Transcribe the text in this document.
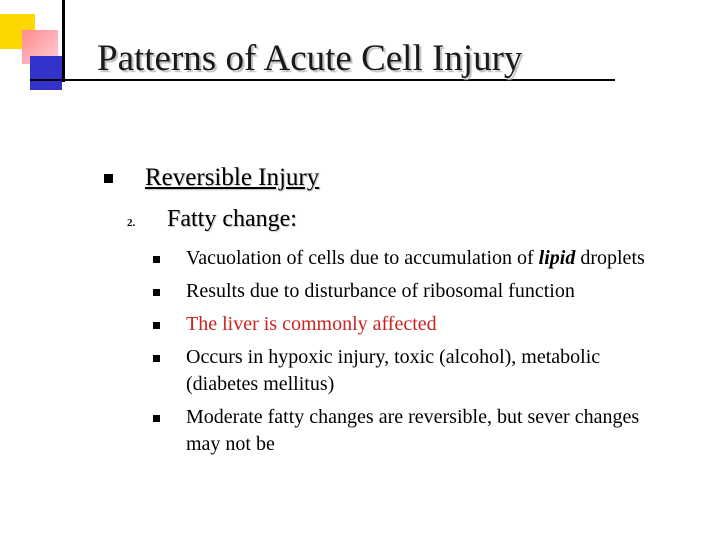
Patterns of Acute Cell Injury
Reversible Injury
2.	Fatty change:
Vacuolation of cells due to accumulation of lipid droplets
Results due to disturbance of ribosomal function
The liver is commonly affected
Occurs in hypoxic injury, toxic (alcohol), metabolic (diabetes mellitus)
Moderate fatty changes are reversible, but sever changes may not be
